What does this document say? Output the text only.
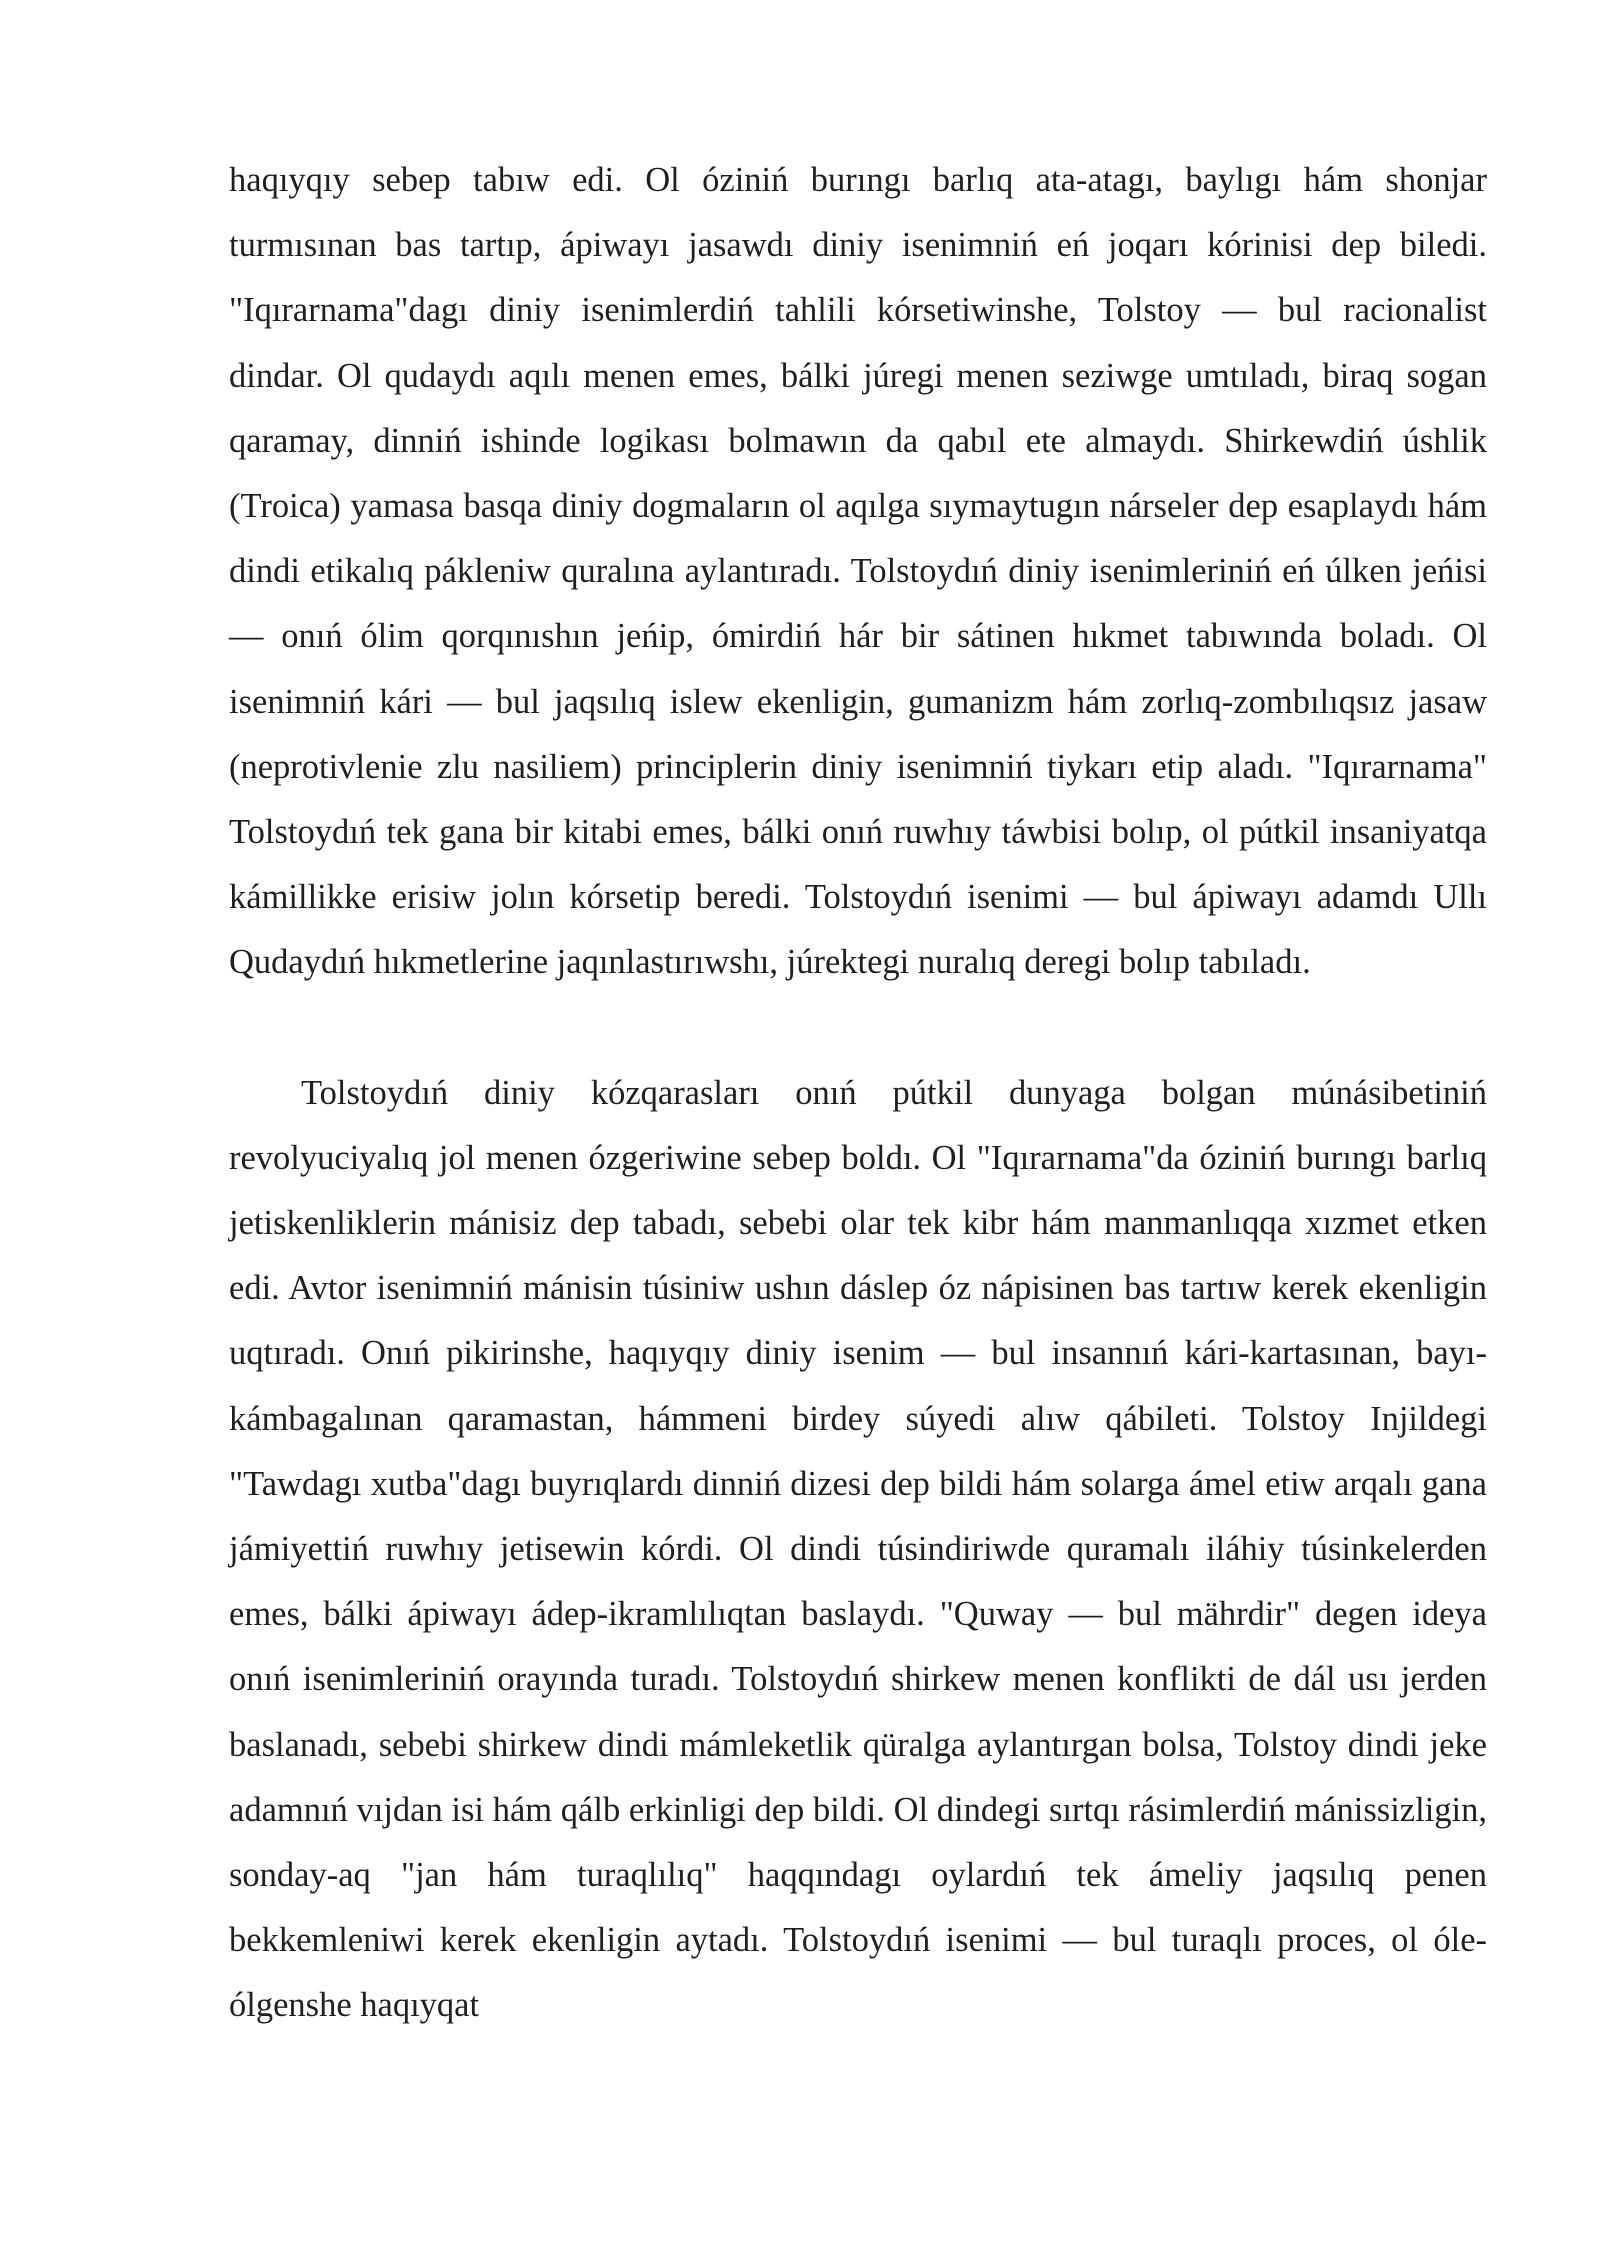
haqıyqıy sebep tabıw edi. Ol óziniń burıngı barlıq ata-atagı, baylıgı hám shonjar turmısınan bas tartıp, ápiwayı jasawdı diniy isenimniń eń joqarı kórinisi dep biledi. "Iqırarnama"dagı diniy isenimlerdiń tahlili kórsetiwinshe, Tolstoy — bul racionalist dindar. Ol qudaydı aqılı menen emes, bálki júregi menen seziwge umtıladı, biraq sogan qaramay, dinniń ishinde logikası bolmawın da qabıl ete almaydı. Shirkewdiń úshlik (Troica) yamasa basqa diniy dogmaların ol aqılga sıymaytugın nárseler dep esaplaydı hám dindi etikalıq pákleniw quralına aylantıradı. Tolstoydıń diniy isenimleriniń eń úlken jeńisi — onıń ólim qorqınıshın jeńip, ómirdiń hár bir sátinen hıkmet tabıwında boladı. Ol isenimniń kári — bul jaqsılıq islew ekenligin, gumanizm hám zorlıq-zombılıqsız jasaw (neprotivlenie zlu nasiliem) principlerin diniy isenimniń tiykarı etip aladı. "Iqırarnama" Tolstoydıń tek gana bir kitabi emes, bálki onıń ruwhıy táwbisi bolıp, ol pútkil insaniyatqa kámillikke erisiw jolın kórsetip beredi. Tolstoydıń isenimi — bul ápiwayı adamdı Ullı Qudaydıń hıkmetlerine jaqınlastırıwshı, júrektegi nuralıq deregi bolıp tabıladı.

Tolstoydıń diniy kózqarasları onıń pútkil dunyaga bolgan múnásibetiniń revolyuciyalıq jol menen ózgeriwine sebep boldı. Ol "Iqırarnama"da óziniń burıngı barlıq jetiskenliklerin mánisiz dep tabadı, sebebi olar tek kibr hám manmanlıqqa xızmet etken edi. Avtor isenimniń mánisin túsiniw ushın dáslep óz nápisinen bas tartıw kerek ekenligin uqtıradı. Onıń pikirinshe, haqıyqıy diniy isenim — bul insannıń kári-kartasınan, bayı-kámbagalınan qaramastan, hámmeni birdey súyedi alıw qábileti. Tolstoy Injildegi "Tawdagı xutba"dagı buyrıqlardı dinniń dizesi dep bildi hám solarga ámel etiw arqalı gana jámiyettiń ruwhıy jetisewin kórdi. Ol dindi túsindiriwde quramalı iláhiy túsinkelerden emes, bálki ápiwayı ádep-ikramlılıqtan baslaydı. "Quway — bul mährdir" degen ideya onıń isenimleriniń orayında turadı. Tolstoydıń shirkew menen konflikti de dál usı jerden baslanadı, sebebi shirkew dindi mámleketlik qüralga aylantırgan bolsa, Tolstoy dindi jeke adamnıń vıjdan isi hám qálb erkinligi dep bildi. Ol dindegi sırtqı rásimlerdiń mánissizligin, sonday-aq "jan hám turaqlılıq" haqqındagı oylardıń tek ámeliy jaqsılıq penen bekkemleniwi kerek ekenligin aytadı. Tolstoydıń isenimi — bul turaqlı proces, ol óle-ólgenshe haqıyqat
